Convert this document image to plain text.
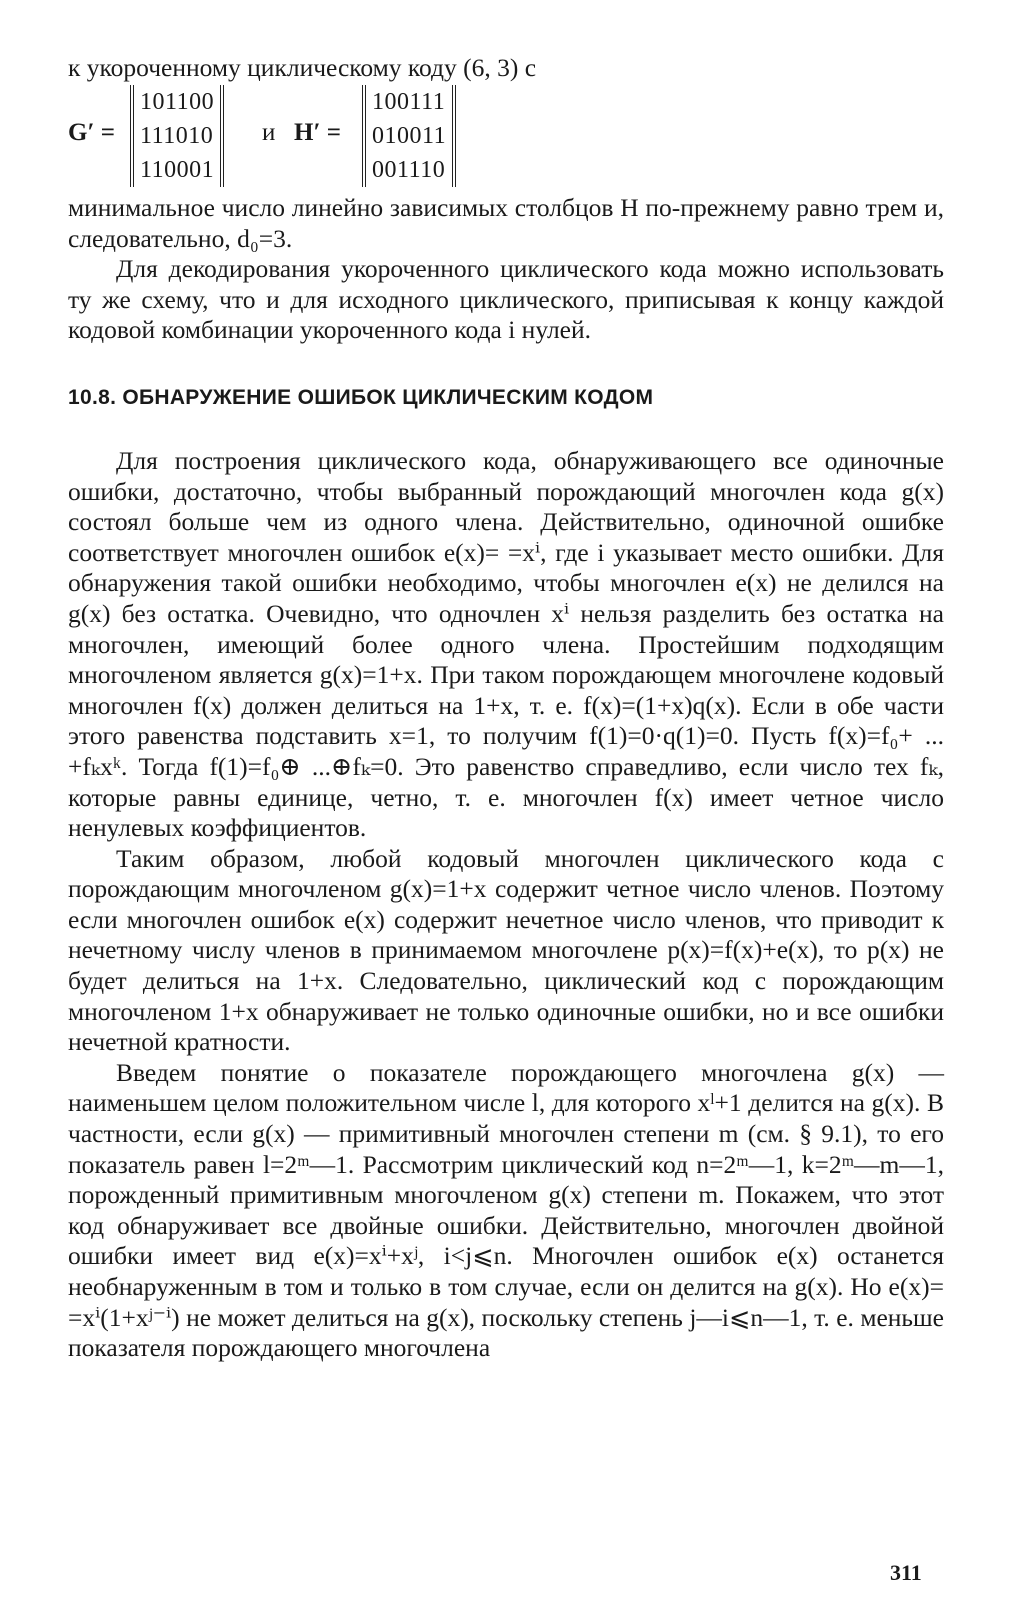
к укороченному циклическому коду (6, 3) с

G′ =
101100
111010
110001
и H′ =
100111
010011
001110

минимальное число линейно зависимых столбцов H по-прежнему равно трем и, следовательно, d₀=3.

Для декодирования укороченного циклического кода можно использовать ту же схему, что и для исходного циклического, приписывая к концу каждой кодовой комбинации укороченного кода i нулей.

10.8. ОБНАРУЖЕНИЕ ОШИБОК ЦИКЛИЧЕСКИМ КОДОМ

Для построения циклического кода, обнаруживающего все одиночные ошибки, достаточно, чтобы выбранный порождающий многочлен кода g(x) состоял больше чем из одного члена. Действительно, одиночной ошибке соответствует многочлен ошибок e(x)= =xⁱ, где i указывает место ошибки. Для обнаружения такой ошибки необходимо, чтобы многочлен e(x) не делился на g(x) без остатка. Очевидно, что одночлен xⁱ нельзя разделить без остатка на многочлен, имеющий более одного члена. Простейшим подходящим многочленом является g(x)=1+x. При таком порождающем многочлене кодовый многочлен f(x) должен делиться на 1+x, т. е. f(x)=(1+x)q(x). Если в обе части этого равенства подставить x=1, то получим f(1)=0·q(1)=0. Пусть f(x)=f₀+ ... +fₖxᵏ. Тогда f(1)=f₀⊕ ...⊕fₖ=0. Это равенство справедливо, если число тех fₖ, которые равны единице, четно, т. е. многочлен f(x) имеет четное число ненулевых коэффициентов.

Таким образом, любой кодовый многочлен циклического кода с порождающим многочленом g(x)=1+x содержит четное число членов. Поэтому если многочлен ошибок e(x) содержит нечетное число членов, что приводит к нечетному числу членов в принимаемом многочлене p(x)=f(x)+e(x), то p(x) не будет делиться на 1+x. Следовательно, циклический код с порождающим многочленом 1+x обнаруживает не только одиночные ошибки, но и все ошибки нечетной кратности.

Введем понятие о показателе порождающего многочлена g(x) — наименьшем целом положительном числе l, для которого xˡ+1 делится на g(x). В частности, если g(x) — примитивный многочлен степени m (см. § 9.1), то его показатель равен l=2ᵐ—1. Рассмотрим циклический код n=2ᵐ—1, k=2ᵐ—m—1, порожденный примитивным многочленом g(x) степени m. Покажем, что этот код обнаруживает все двойные ошибки. Действительно, многочлен двойной ошибки имеет вид e(x)=xⁱ+xʲ, i<j⩽n. Многочлен ошибок e(x) останется необнаруженным в том и только в том случае, если он делится на g(x). Но e(x)= =xⁱ(1+xʲ⁻ⁱ) не может делиться на g(x), поскольку степень j—i⩽n—1, т. е. меньше показателя порождающего многочлена

311
